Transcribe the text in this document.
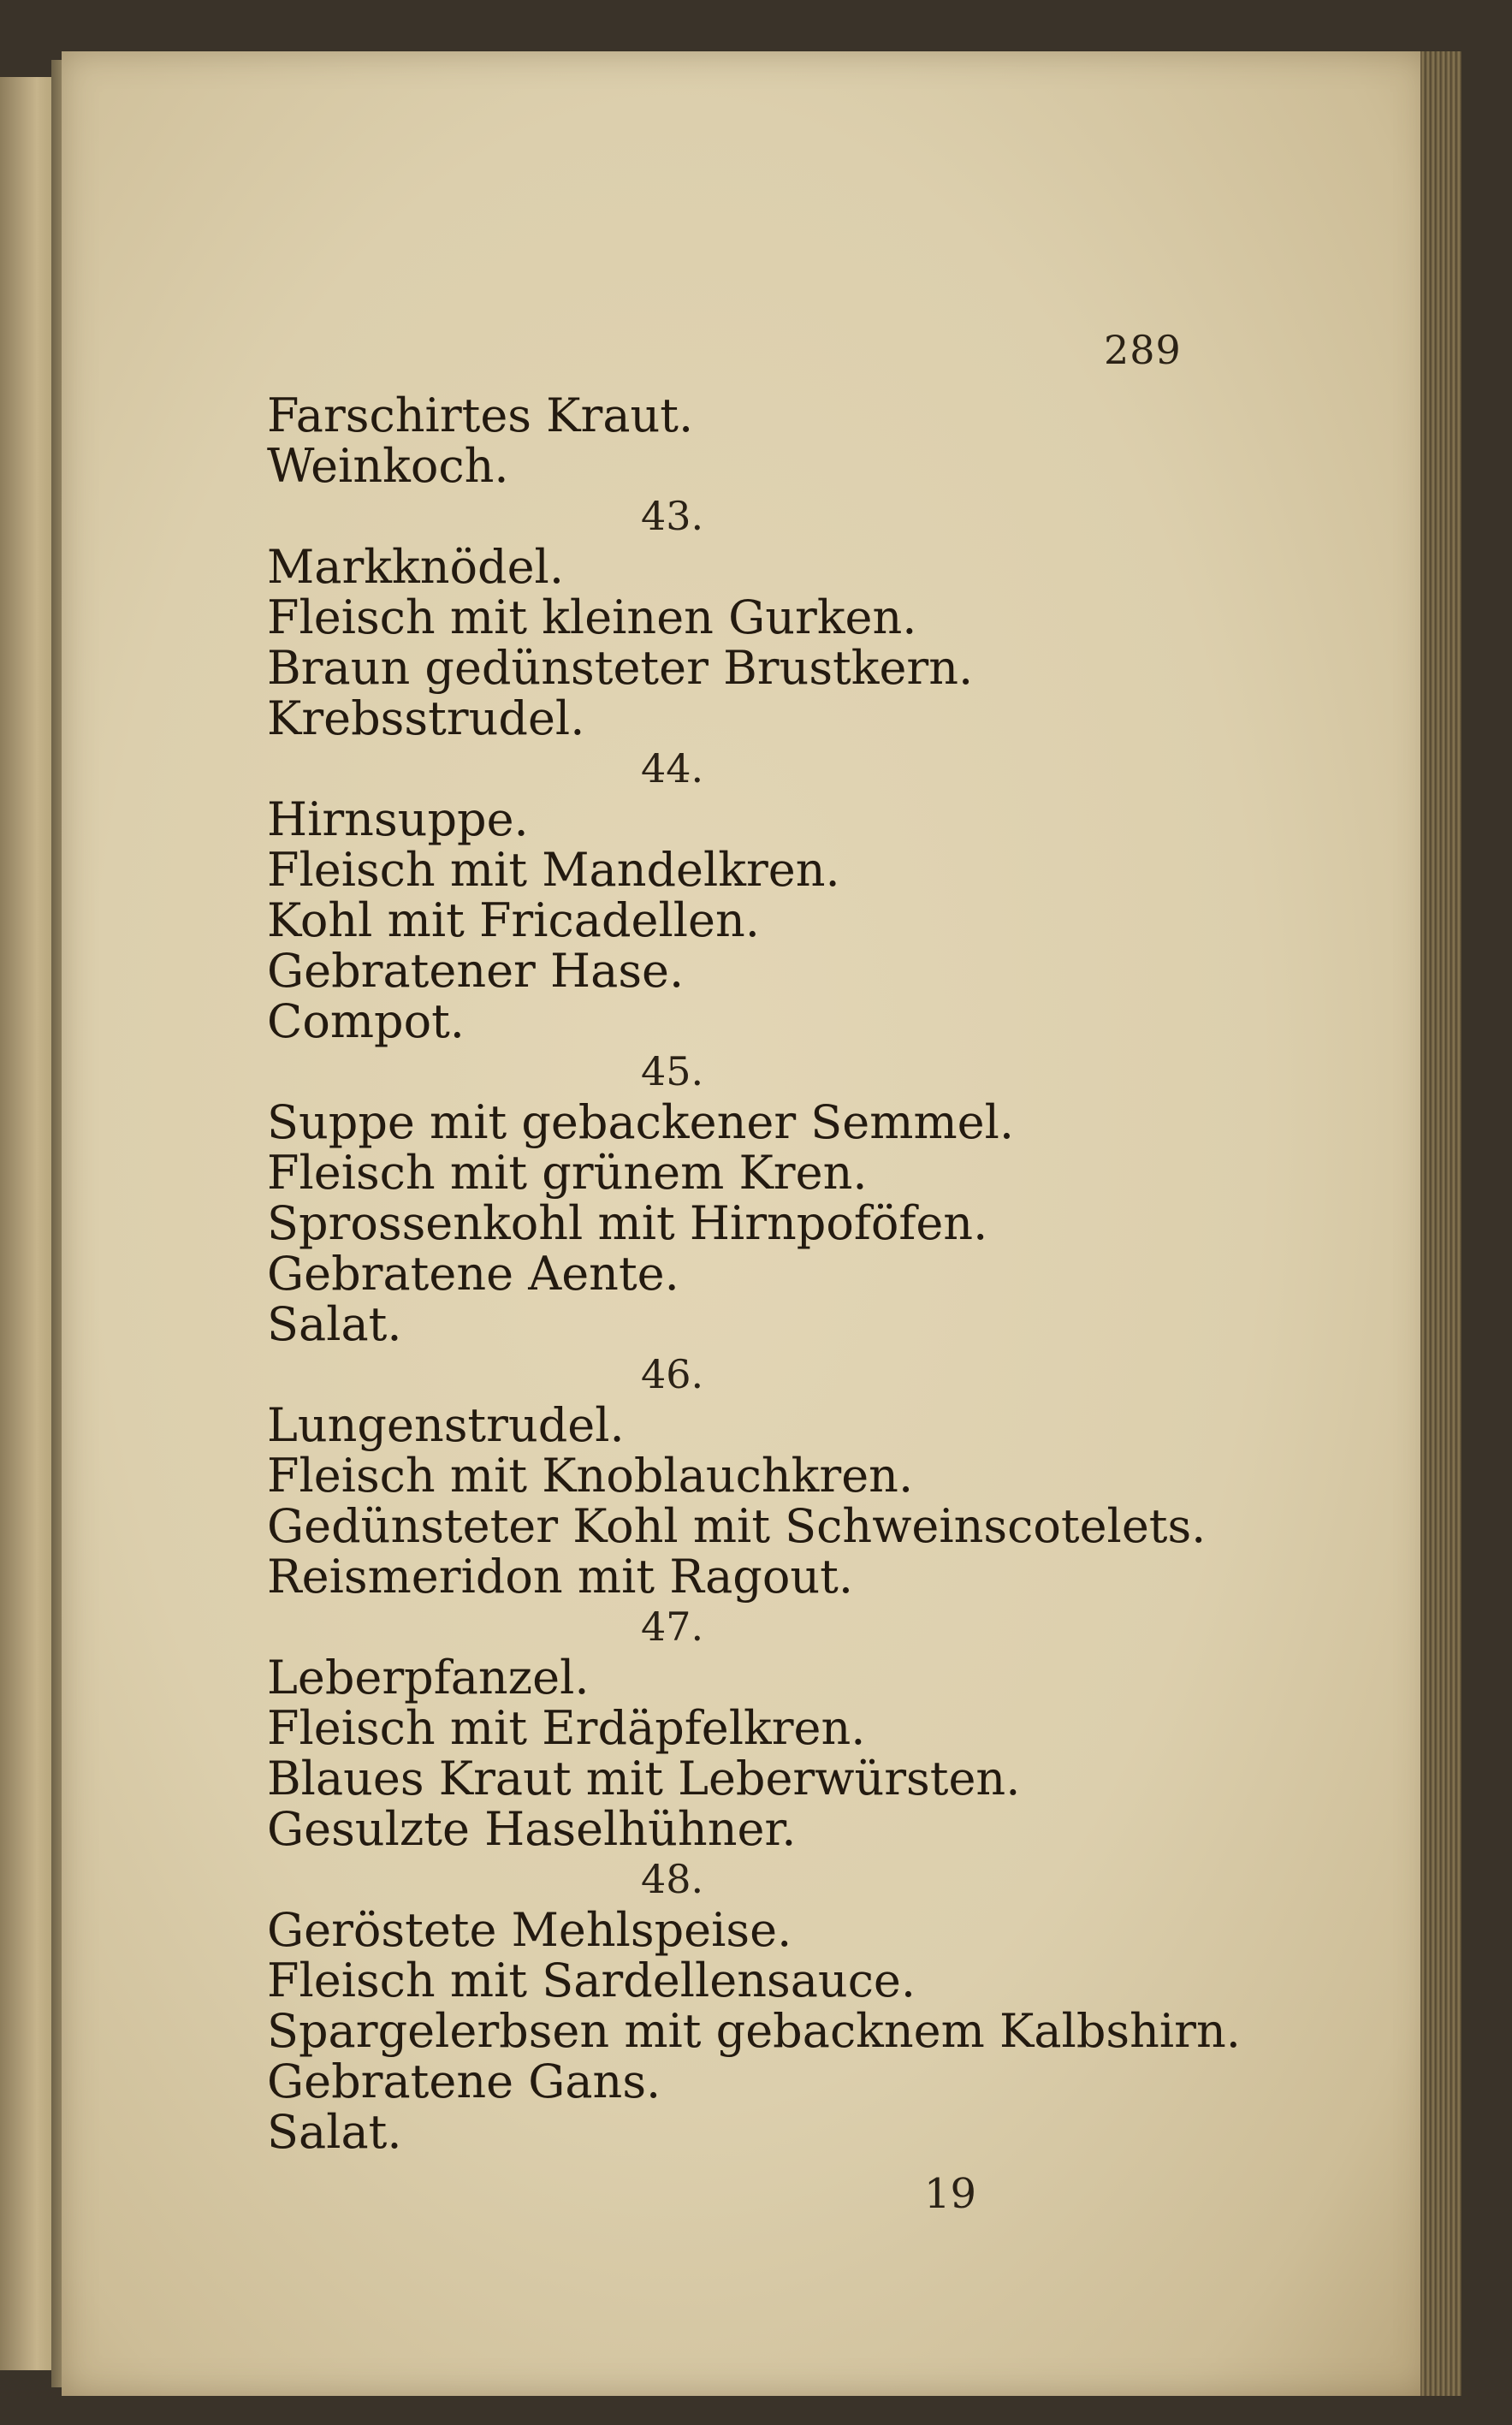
289
Farschirtes Kraut.
Weinkoch.
43.
Markknödel.
Fleisch mit kleinen Gurken.
Braun gedünsteter Brustkern.
Krebsstrudel.
44.
Hirnsuppe.
Fleisch mit Mandelkren.
Kohl mit Fricadellen.
Gebratener Hase.
Compot.
45.
Suppe mit gebackener Semmel.
Fleisch mit grünem Kren.
Sprossenkohl mit Hirnpoföfen.
Gebratene Aente.
Salat.
46.
Lungenstrudel.
Fleisch mit Knoblauchkren.
Gedünsteter Kohl mit Schweinscotelets.
Reismeridon mit Ragout.
47.
Leberpfanzel.
Fleisch mit Erdäpfelkren.
Blaues Kraut mit Leberwürsten.
Gesulzte Haselhühner.
48.
Geröstete Mehlspeise.
Fleisch mit Sardellensauce.
Spargelerbsen mit gebacknem Kalbshirn.
Gebratene Gans.
Salat.
19
